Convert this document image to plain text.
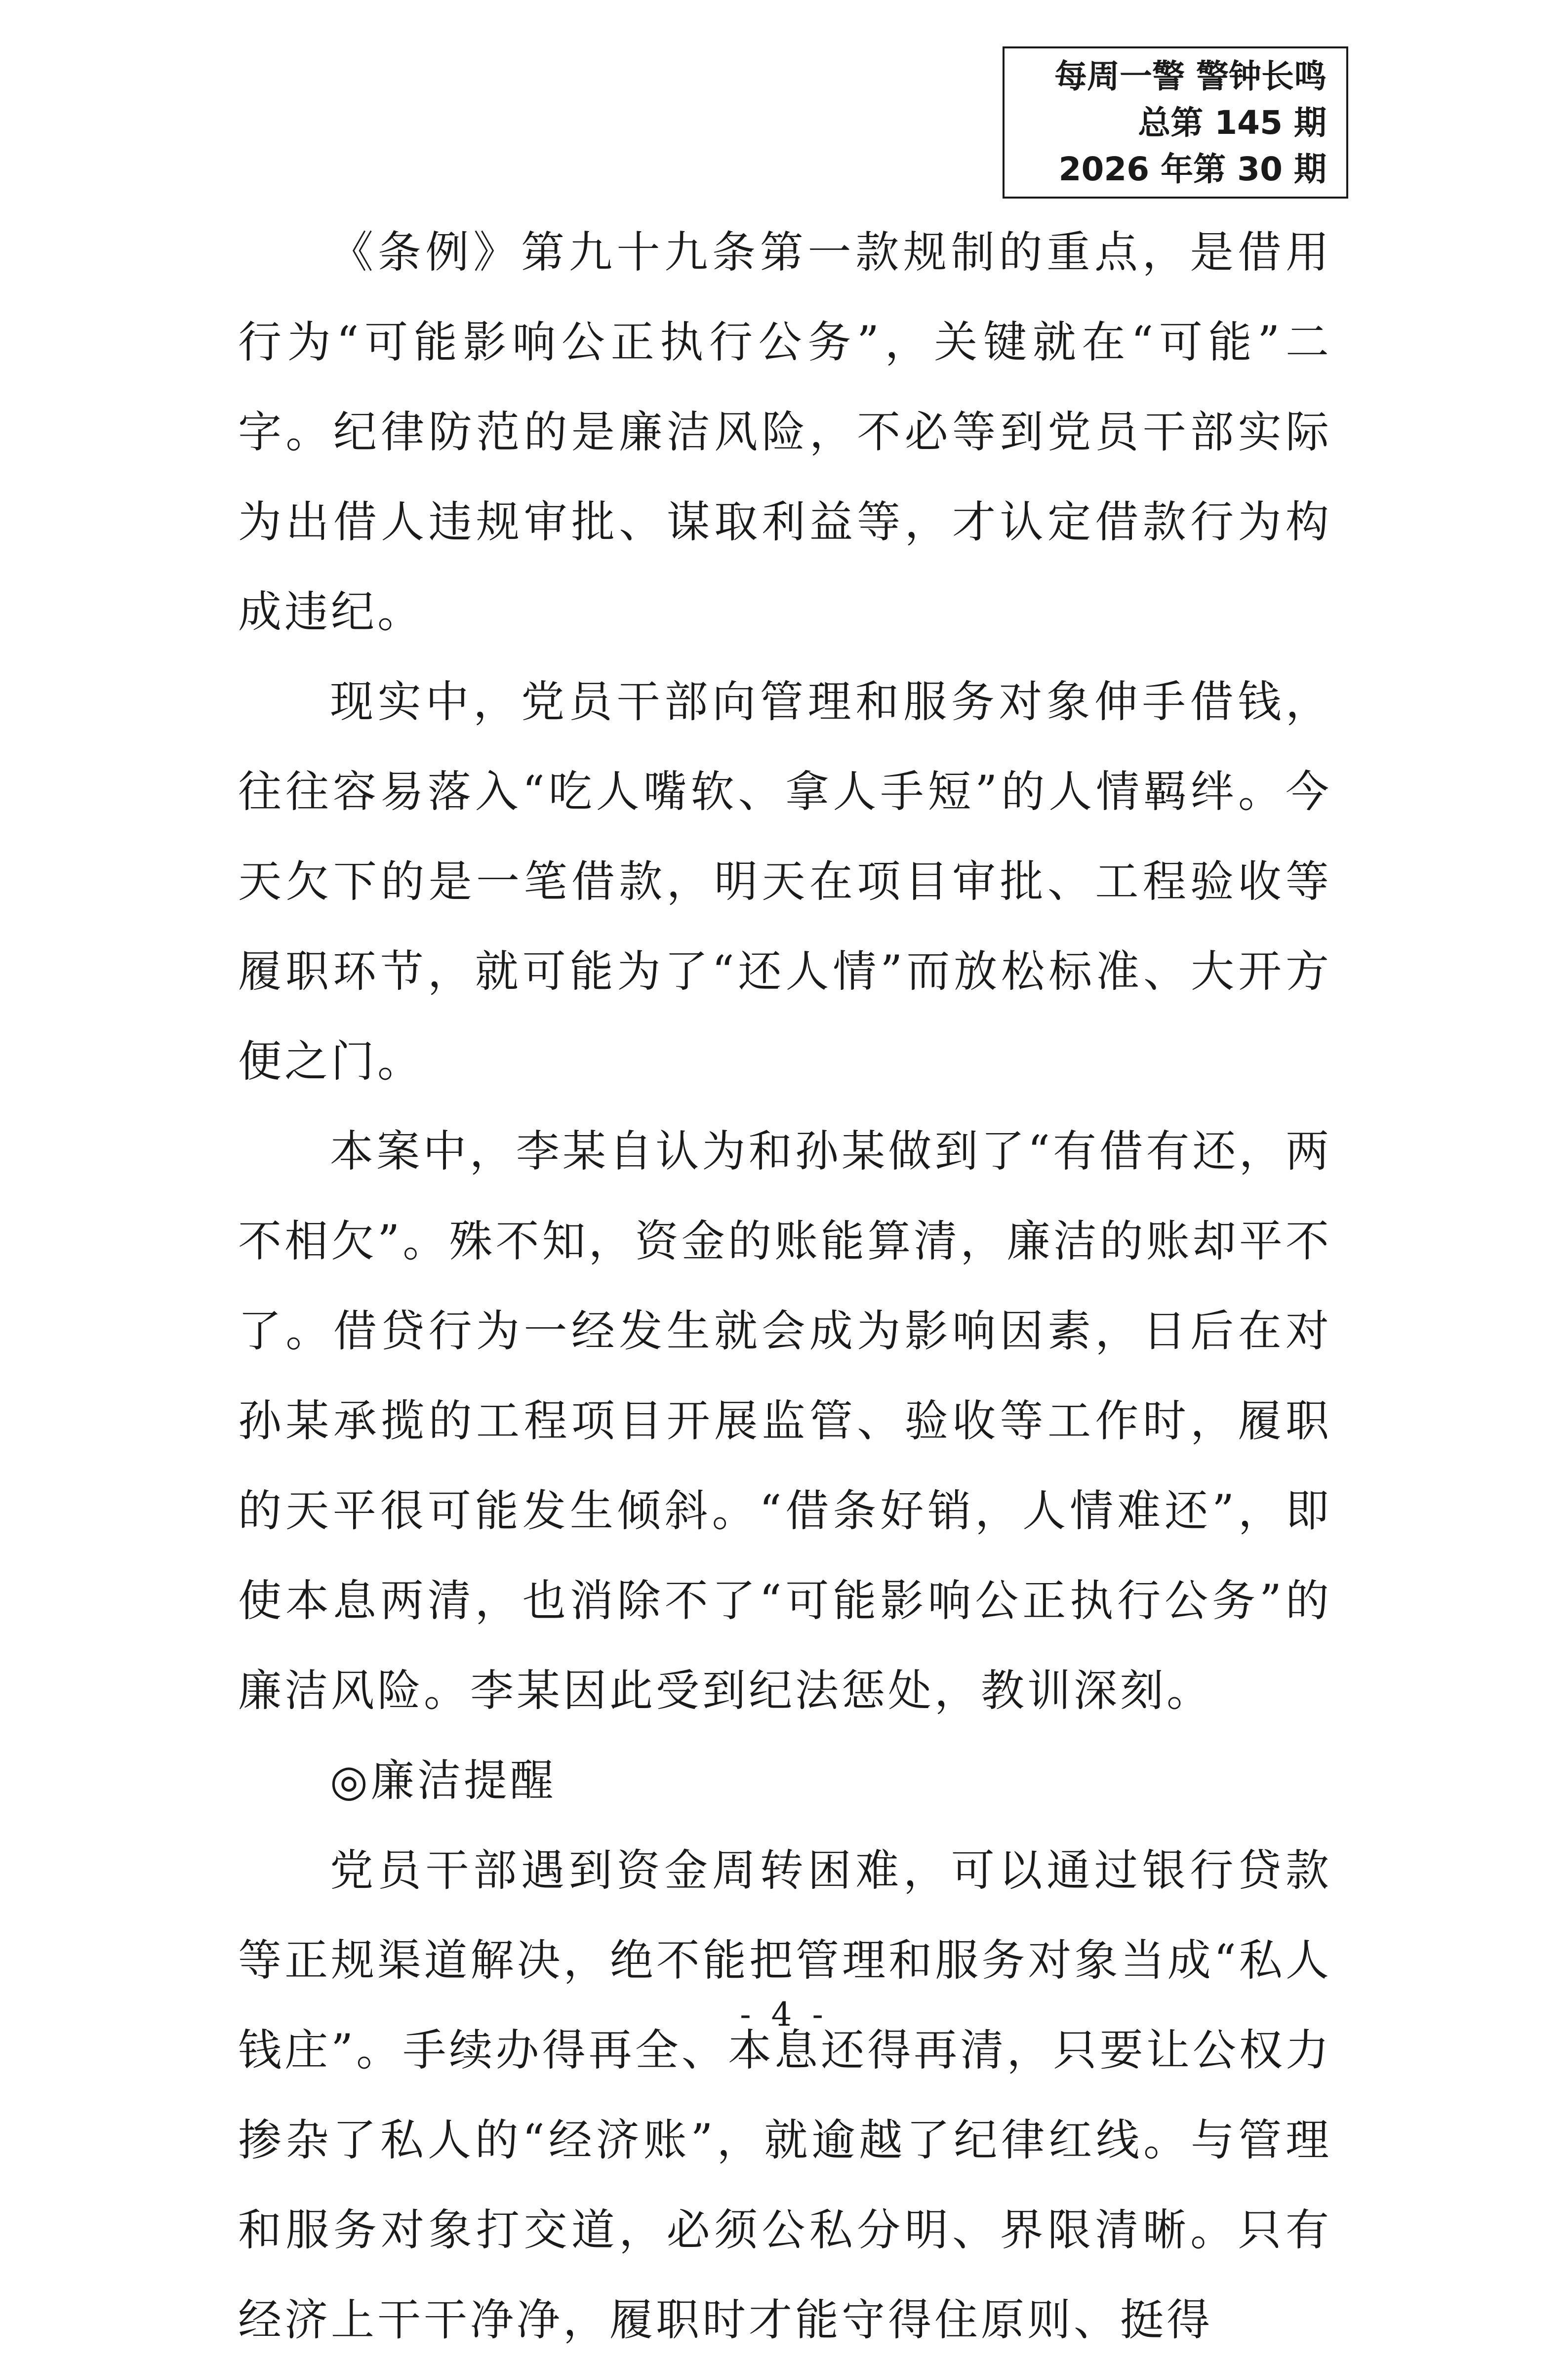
每周一警 警钟长鸣
总第 145 期
2026 年第 30 期

《条例》第九十九条第一款规制的重点，是借用行为“可能影响公正执行公务”，关键就在“可能”二字。纪律防范的是廉洁风险，不必等到党员干部实际为出借人违规审批、谋取利益等，才认定借款行为构成违纪。

现实中，党员干部向管理和服务对象伸手借钱，往往容易落入“吃人嘴软、拿人手短”的人情羁绊。今天欠下的是一笔借款，明天在项目审批、工程验收等履职环节，就可能为了“还人情”而放松标准、大开方便之门。

本案中，李某自认为和孙某做到了“有借有还，两不相欠”。殊不知，资金的账能算清，廉洁的账却平不了。借贷行为一经发生就会成为影响因素，日后在对孙某承揽的工程项目开展监管、验收等工作时，履职的天平很可能发生倾斜。“借条好销，人情难还”，即使本息两清，也消除不了“可能影响公正执行公务”的廉洁风险。李某因此受到纪法惩处，教训深刻。

◎廉洁提醒

党员干部遇到资金周转困难，可以通过银行贷款等正规渠道解决，绝不能把管理和服务对象当成“私人钱庄”。手续办得再全、本息还得再清，只要让公权力掺杂了私人的“经济账”，就逾越了纪律红线。与管理和服务对象打交道，必须公私分明、界限清晰。只有经济上干干净净，履职时才能守得住原则、挺得

- 4 -
